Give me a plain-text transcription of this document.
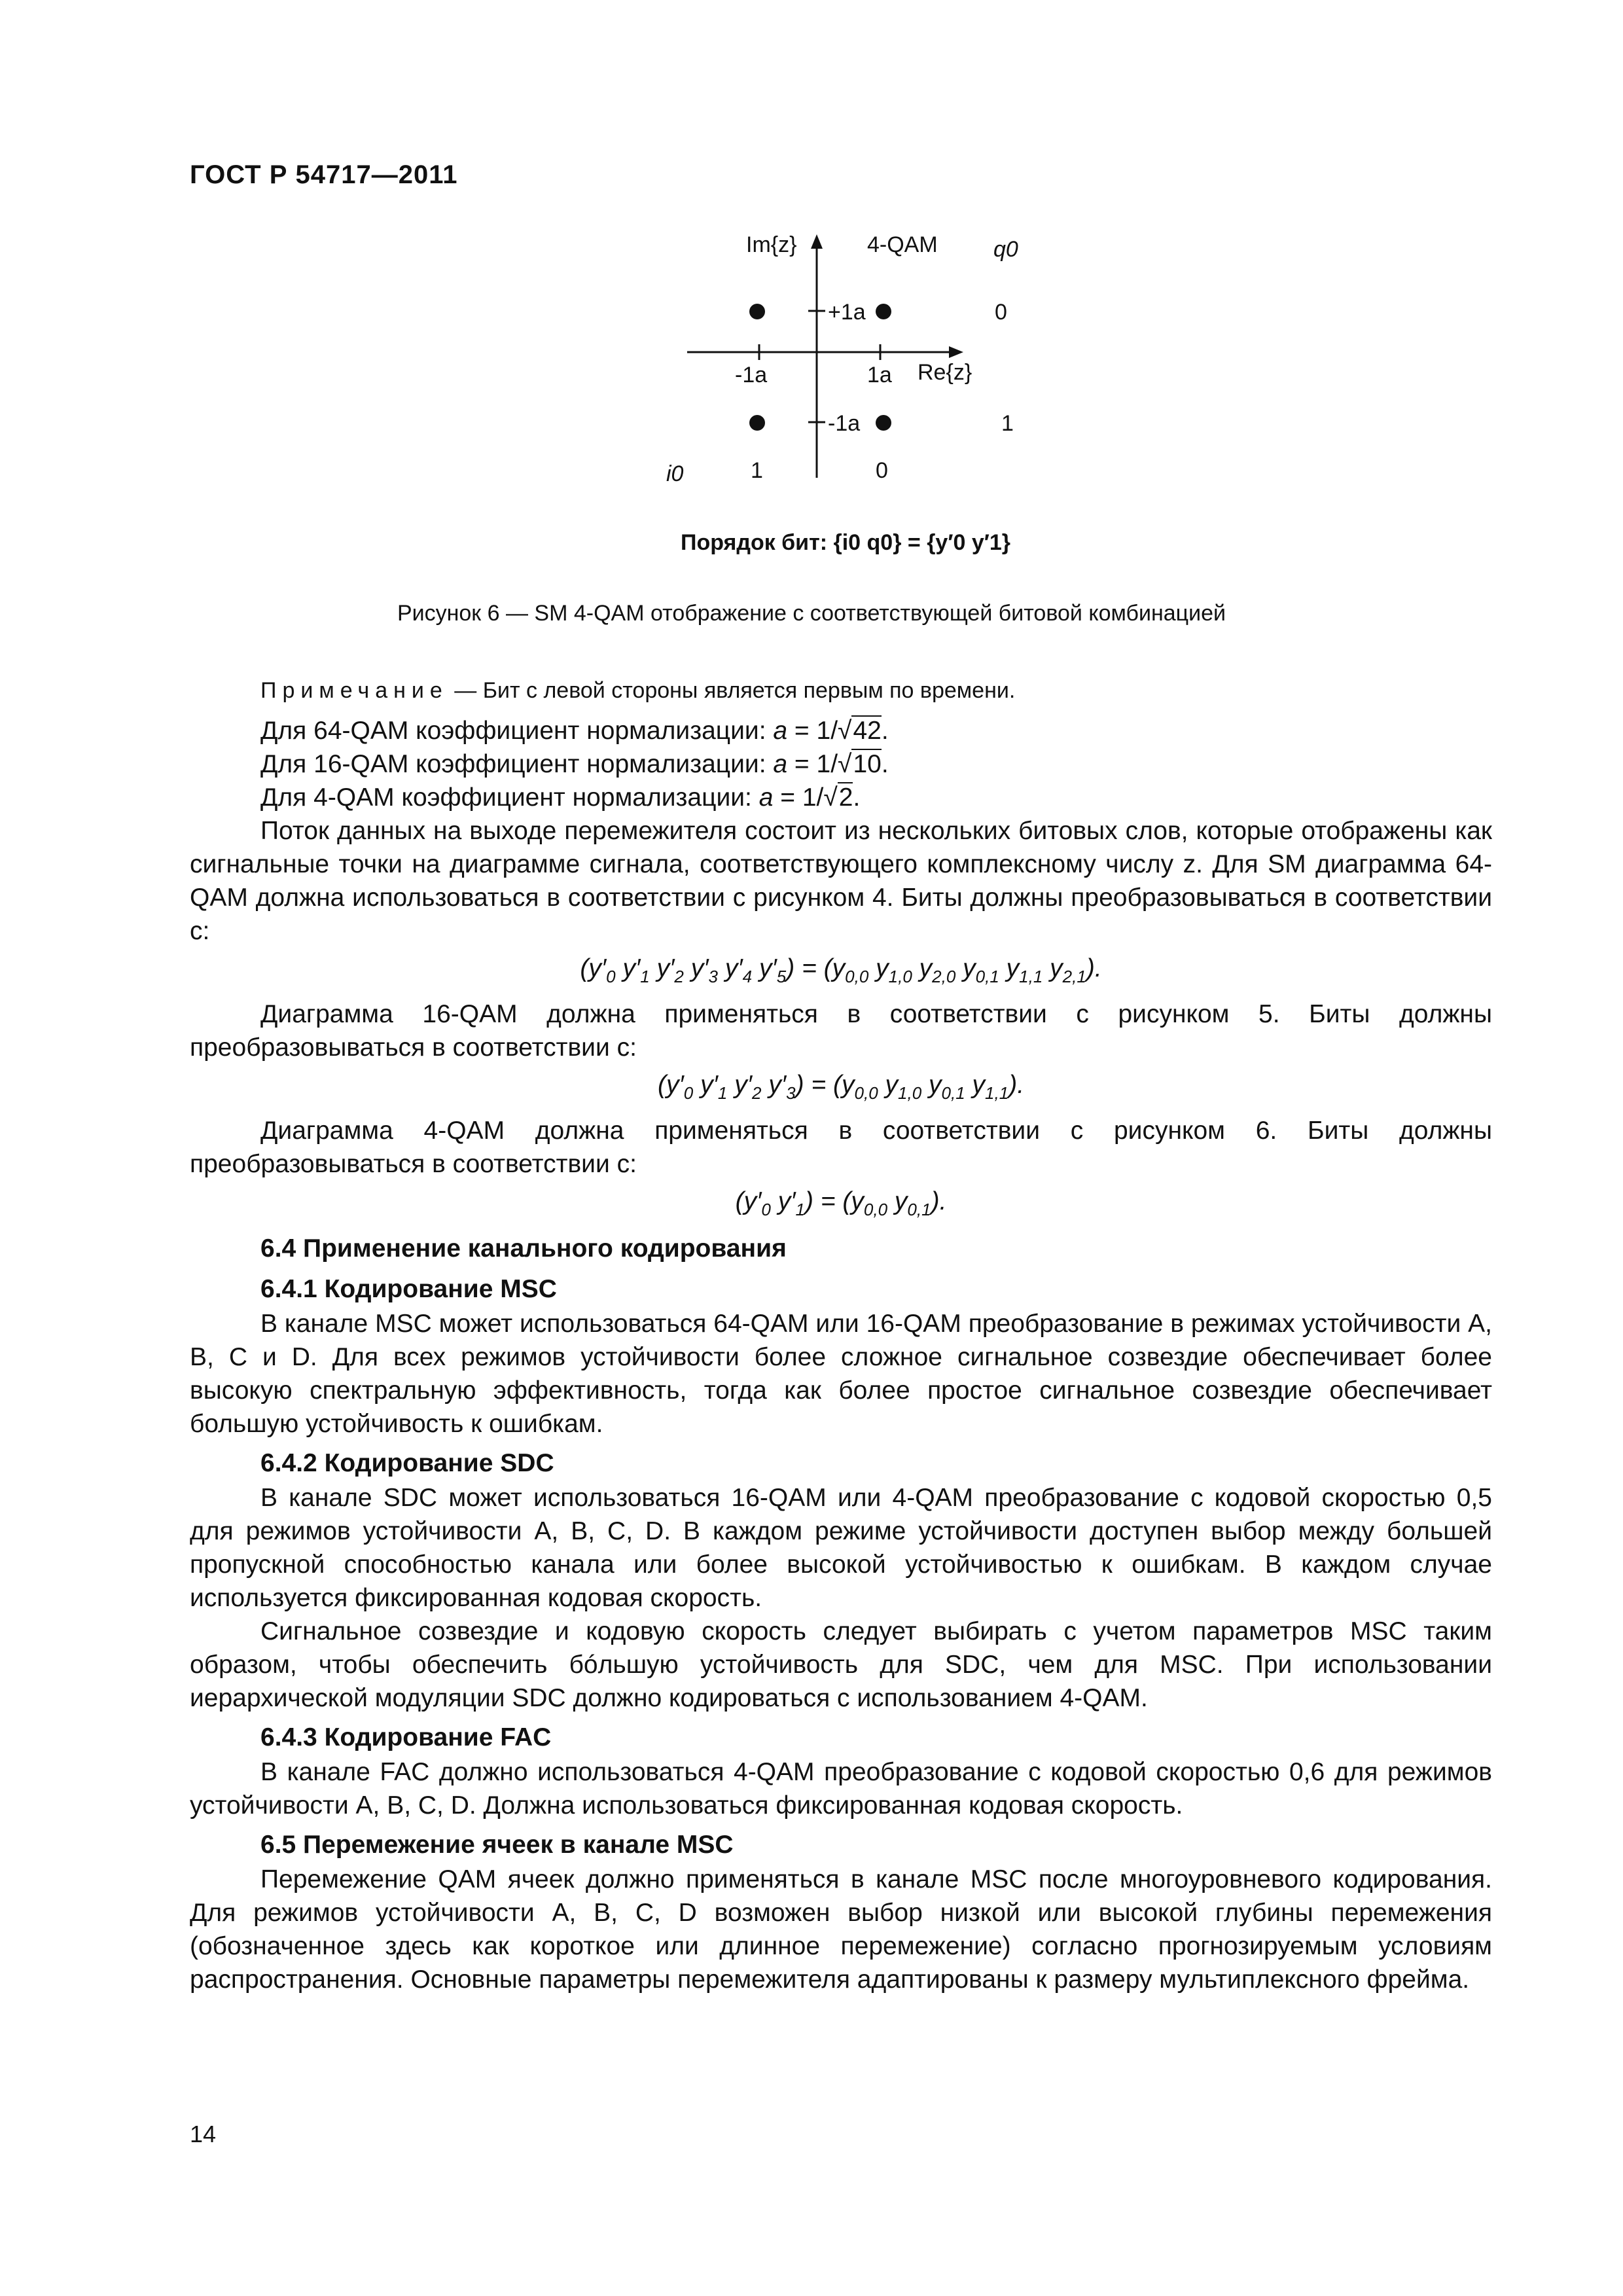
ГОСТ Р 54717—2011
Im{z}	4-QAM	q0
+1a	0
-1a	1a Re{z}
-1a	1
i0	1	0
Порядок бит: {i0 q0} = {y′0 y′1}
Рисунок 6 — SM 4-QAM отображение с соответствующей битовой комбинацией
Примечание — Бит с левой стороны является первым по времени.

Для 64-QAM коэффициент нормализации: a = 1/√42.

Для 16-QAM коэффициент нормализации: a = 1/√10.

Для 4-QAM коэффициент нормализации: a = 1/√2.

Поток данных на выходе перемежителя состоит из нескольких битовых слов, которые отображены как сигнальные точки на диаграмме сигнала, соответствующего комплексному числу z. Для SM диаграмма 64-QAM должна использоваться в соответствии с рисунком 4. Биты должны преобразовываться в соответствии с:

($y'_0$ $y'_1$ $y'_2$ $y'_3$ $y'_4$ $y'_5) = (y_{0,0}$ $y_{1,0}$ $y_{2,0}$ $y_{0,1}$ $y_{1,1}$ $y_{2,1}$).

Диаграмма 16-QAM должна применяться в соответствии с рисунком 5. Биты должны преобразовываться в соответствии с:

($y'_0$ $y'_1$ $y'_2$ $y'_3) = (y_{0,0}$ $y_{1,0}$ $y_{0,1}$ $y_{1,1}$).

Диаграмма 4-QAM должна применяться в соответствии с рисунком 6. Биты должны преобразовываться в соответствии с:

($y'_0$ $y'_1) = (y_{0,0}$ $y_{0,1}$).
6.4 Применение канального кодирования
6.4.1 Кодирование MSC

В канале MSC может использоваться 64-QAM или 16-QAM преобразование в режимах устойчивости A, B, C и D. Для всех режимов устойчивости более сложное сигнальное созвездие обеспечивает более высокую спектральную эффективность, тогда как более простое сигнальное созвездие обеспечивает большую устойчивость к ошибкам.

6.4.2 Кодирование SDC

В канале SDC может использоваться 16-QAM или 4-QAM преобразование с кодовой скоростью 0,5 для режимов устойчивости A, B, C, D. В каждом режиме устойчивости доступен выбор между большей пропускной способностью канала или более высокой устойчивостью к ошибкам. В каждом случае используется фиксированная кодовая скорость.

Сигнальное созвездие и кодовую скорость следует выбирать с учетом параметров MSC таким образом, чтобы обеспечить бóльшую устойчивость для SDC, чем для MSC. При использовании иерархической модуляции SDC должно кодироваться с использованием 4-QAM.

6.4.3 Кодирование FAC

В канале FAC должно использоваться 4-QAM преобразование с кодовой скоростью 0,6 для режимов устойчивости A, B, C, D. Должна использоваться фиксированная кодовая скорость.

6.5 Перемежение ячеек в канале MSC

Перемежение QAM ячеек должно применяться в канале MSC после многоуровневого кодирования. Для режимов устойчивости A, B, C, D возможен выбор низкой или высокой глубины перемежения (обозначенное здесь как короткое или длинное перемежение) согласно прогнозируемым условиям распространения. Основные параметры перемежителя адаптированы к размеру мультиплексного фрейма.

14
